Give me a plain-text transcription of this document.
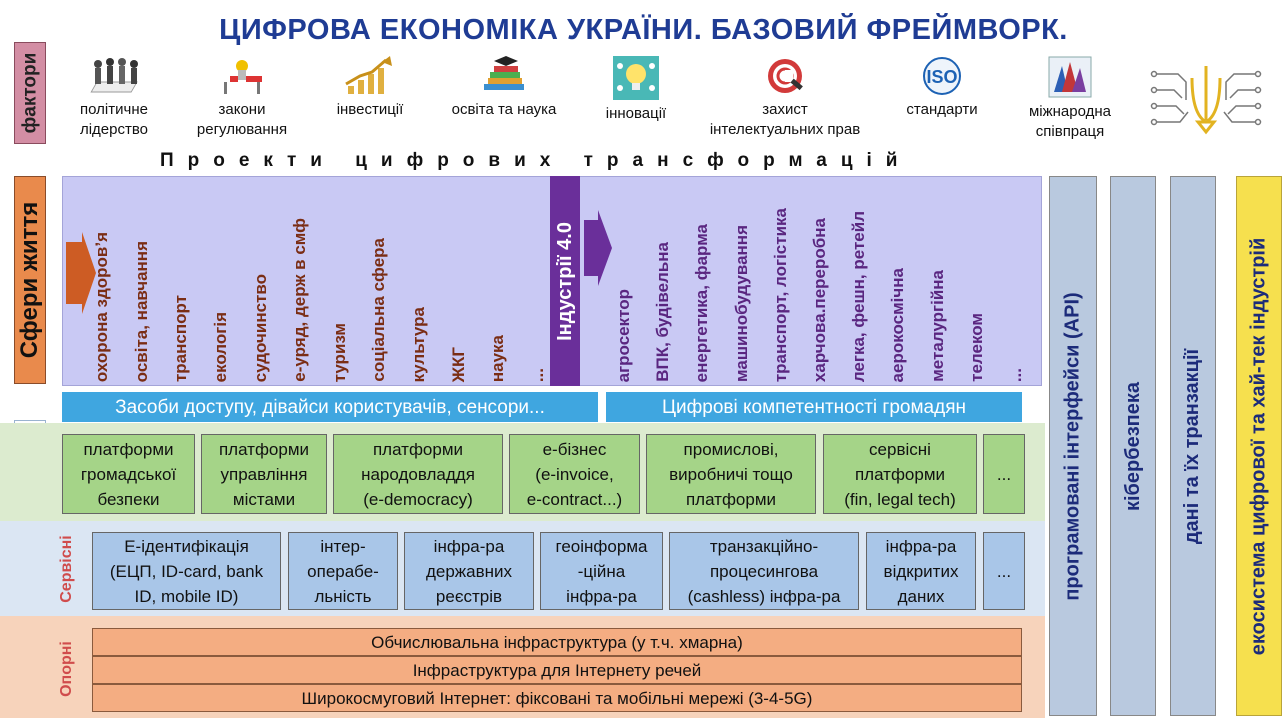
ЦИФРОВА ЕКОНОМІКА УКРАЇНИ. БАЗОВИЙ ФРЕЙМВОРК.
фактори
Сфери життя
політичне
лідерство
закони
регулювання
інвестиції	освіта та наука	інновації	захист
інтелектуальних прав
ISO
стандарти	міжнародна
співпраця
Проекти цифрових трансформацій
Сервісні
Опорні
охорона здоров’я освіта, навчання транспорт екологія судочинство е-уряд, держ в смф туризм соціальна сфера культура ЖКГ наука ...
Індустрії 4.0 агросектор ВПК, будівельна енергетика, фарма машинобудування транспорт, логістика харчова.переробна легка, фешн, ретейл аерокосмічна металургійна телеком ...
Засоби доступу, дівайси користувачів, сенсори...	Цифрові компетентності громадян
платформи
громадської
безпеки
платформи
управління
містами
платформи
народовладдя
(e-democracy)
е-бізнес
(e-invoice,
e-contract...)
промислові,
виробничі тощо
платформи
сервісні
платформи
(fin, legal tech)
...
Е-ідентифікація
(ЕЦП, ID-card, bank
ID, mobile ID)
інтер-
операбе-
льність
інфра-ра
державних
реєстрів
геоінформа
-ційна
інфра-ра
транзакційно-
процесингова
(cashless) інфра-ра
інфра-ра
відкритих
даних
...
Обчислювальна інфраструктура (у т.ч. хмарна)
Інфраструктура для Інтернету речей
Широкосмуговий Інтернет: фіксовані та мобільні мережі (3-4-5G)
програмовані інтерфейси (API) кібербезпека дані та їх транзакції екосистема цифрової та хай-тек індустрій
